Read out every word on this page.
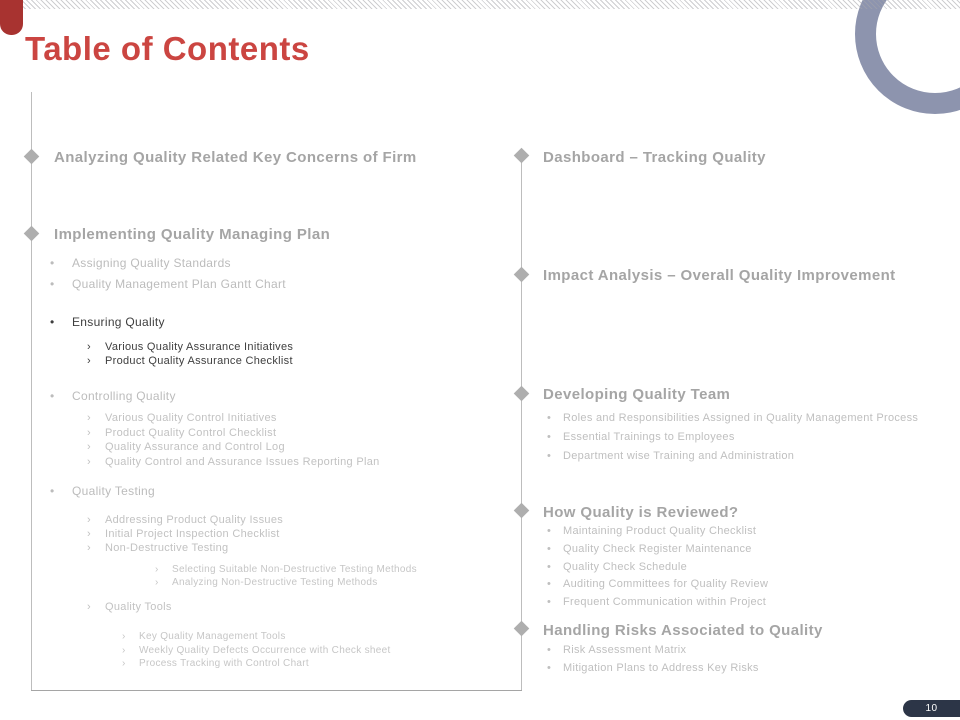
Table of Contents
Analyzing Quality Related Key Concerns of Firm
Implementing Quality Managing Plan
• Assigning Quality Standards
• Quality Management Plan Gantt Chart
• Ensuring Quality
› Various Quality Assurance Initiatives
› Product Quality Assurance Checklist
• Controlling Quality
› Various Quality Control Initiatives
› Product Quality Control Checklist
› Quality Assurance and Control Log
› Quality Control and Assurance Issues Reporting Plan
• Quality Testing
› Addressing Product Quality Issues
› Initial Project Inspection Checklist
› Non-Destructive Testing
› Selecting Suitable Non-Destructive Testing Methods
› Analyzing Non-Destructive Testing Methods
› Quality Tools
› Key Quality Management Tools
› Weekly Quality Defects Occurrence with Check sheet
› Process Tracking with Control Chart
Dashboard – Tracking Quality
Impact Analysis – Overall Quality Improvement
Developing Quality Team
• Roles and Responsibilities Assigned in Quality Management Process
• Essential Trainings to Employees
• Department wise Training and Administration
How Quality is Reviewed?
• Maintaining Product Quality Checklist
• Quality Check Register Maintenance
• Quality Check Schedule
• Auditing Committees for Quality Review
• Frequent Communication within Project
Handling Risks Associated to Quality
• Risk Assessment Matrix
• Mitigation Plans to Address Key Risks
10
